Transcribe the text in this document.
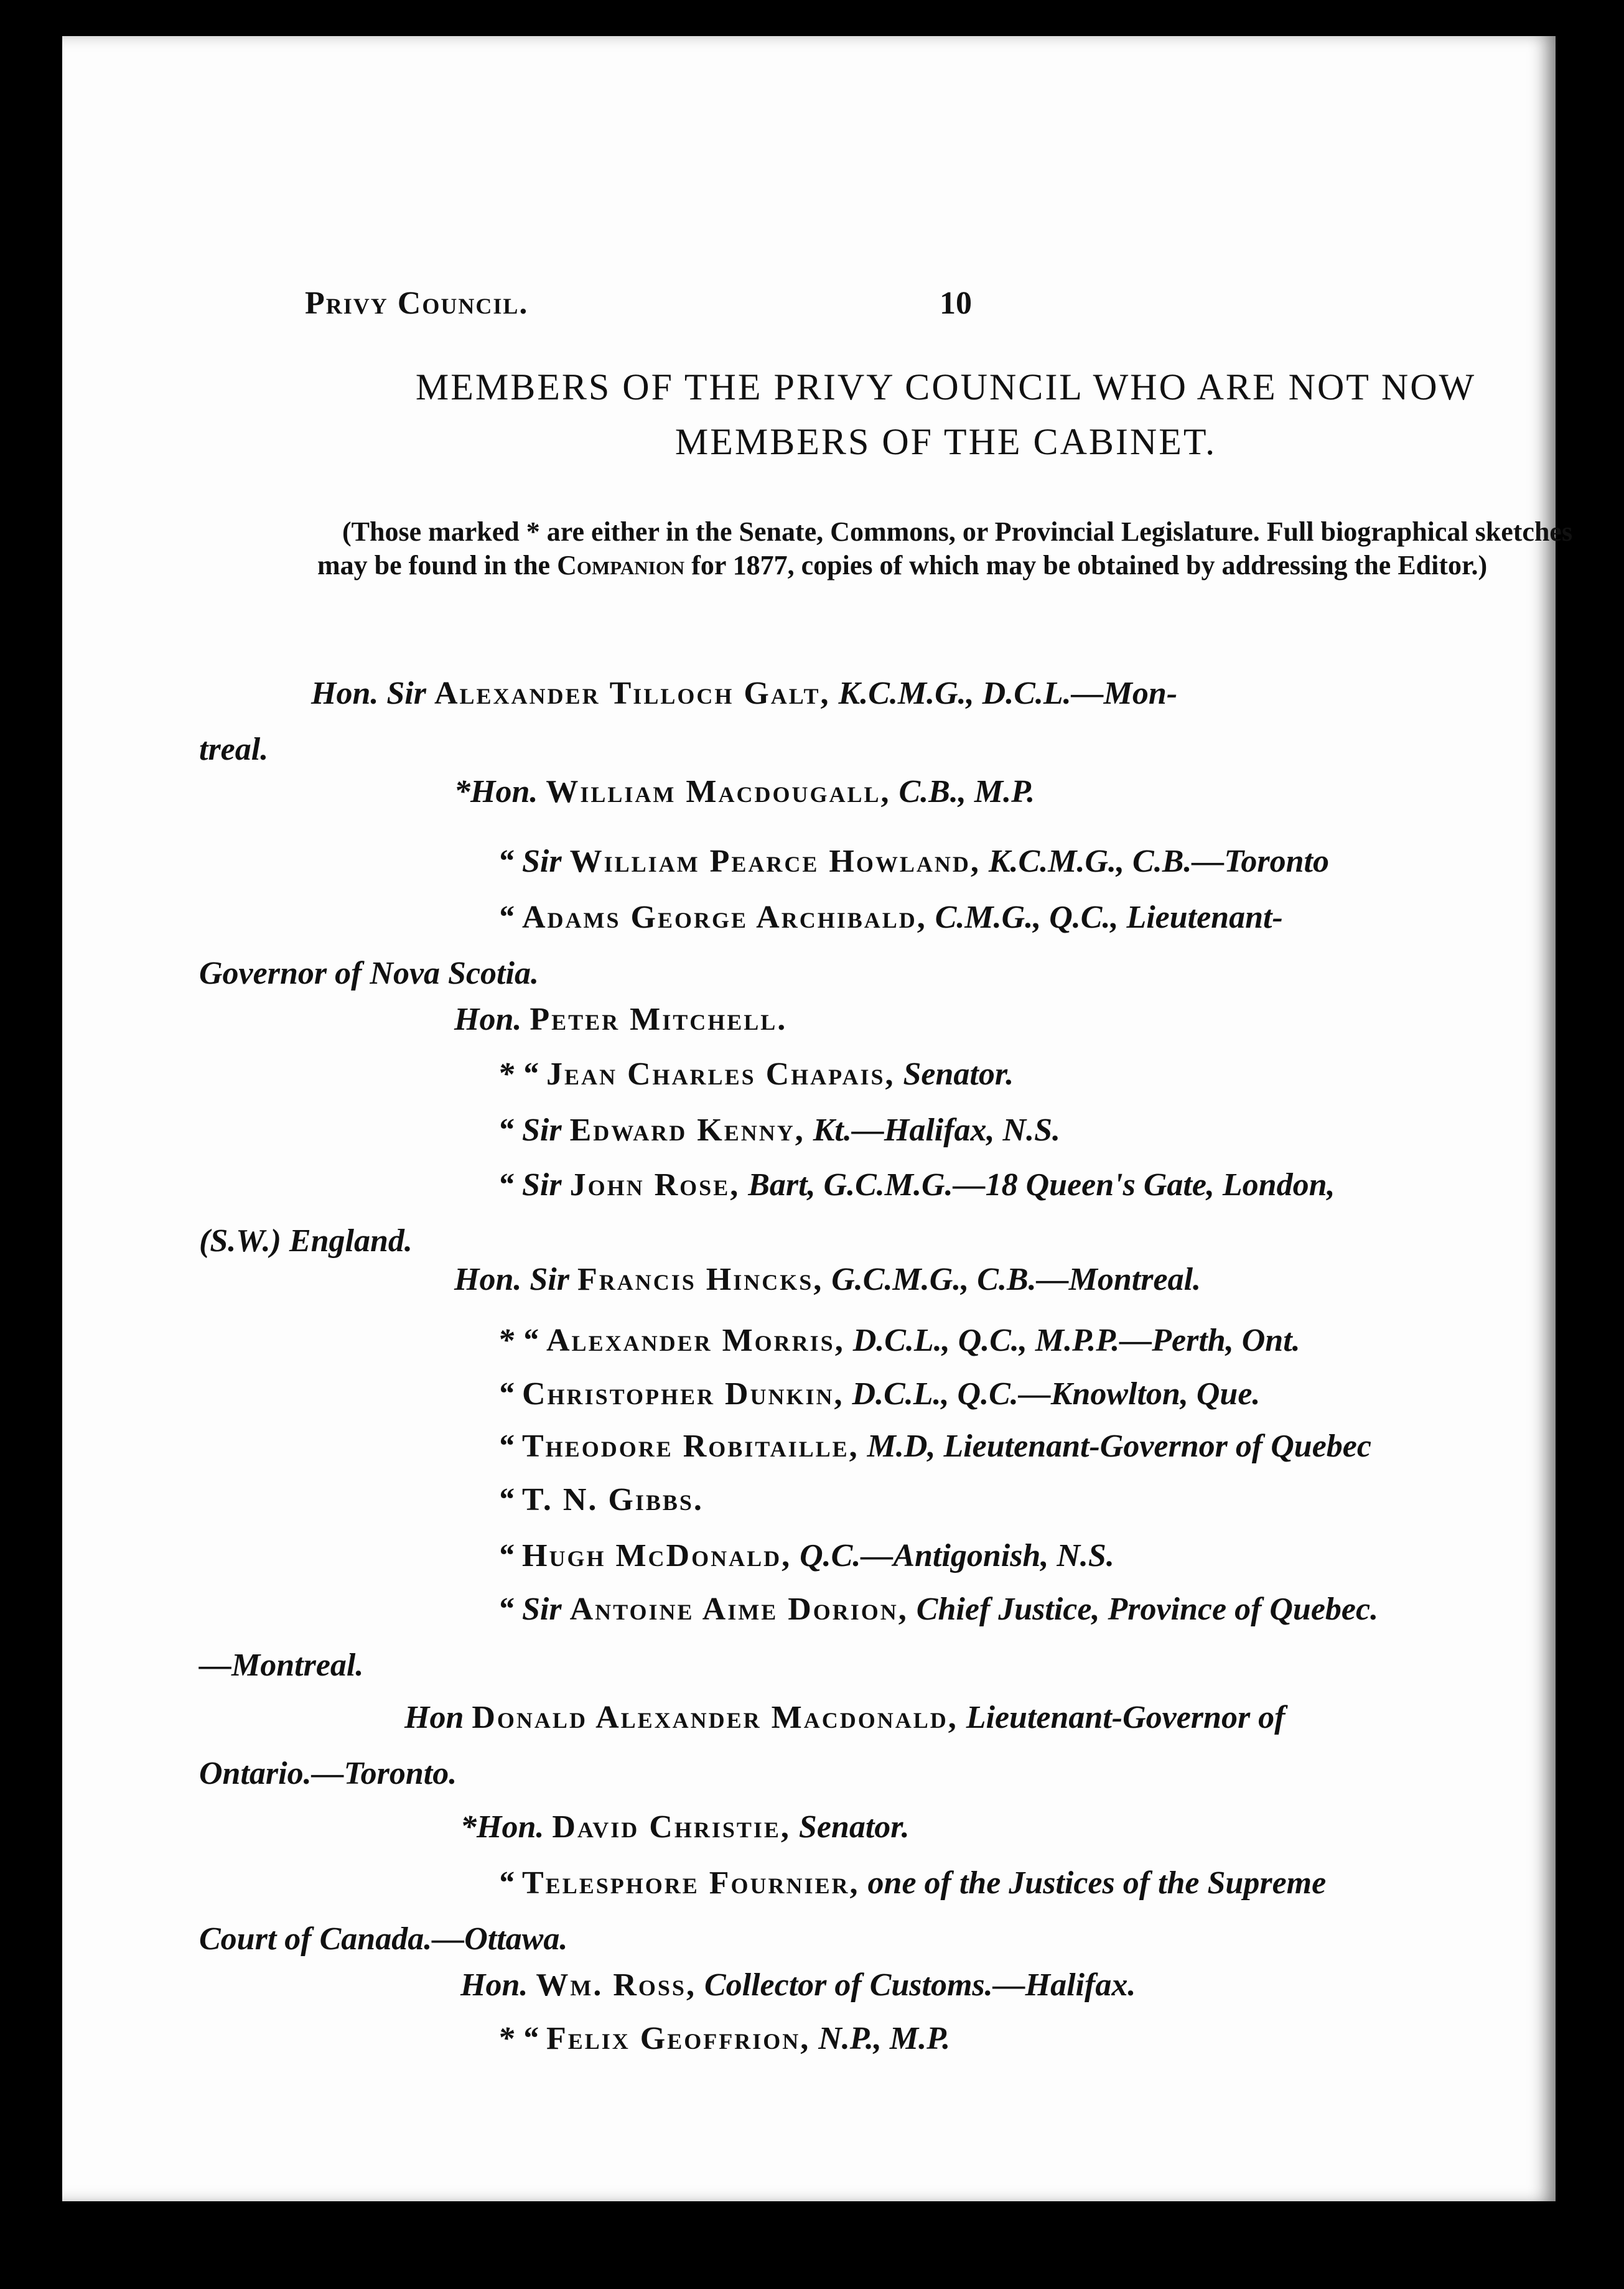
Privy Council.	10
MEMBERS OF THE PRIVY COUNCIL WHO ARE NOT NOW
MEMBERS OF THE CABINET.
(Those marked * are either in the Senate, Commons, or Provincial Legislature. Full biographical sketches may be found in the Companion for 1877, copies of which may be obtained by addressing the Editor.)
Hon. Sir Alexander Tilloch Galt, K.C.M.G., D.C.L.—Mon-
treal.
*Hon. William Macdougall, C.B., M.P.
“ Sir William Pearce Howland, K.C.M.G., C.B.—Toronto
“ Adams George Archibald, C.M.G., Q.C., Lieutenant-
Governor of Nova Scotia.
Hon. Peter Mitchell.
* “ Jean Charles Chapais, Senator.
“ Sir Edward Kenny, Kt.—Halifax, N.S.
“ Sir John Rose, Bart, G.C.M.G.—18 Queen's Gate, London,
(S.W.) England.
Hon. Sir Francis Hincks, G.C.M.G., C.B.—Montreal.
* “ Alexander Morris, D.C.L., Q.C., M.P.P.—Perth, Ont.
“ Christopher Dunkin, D.C.L., Q.C.—Knowlton, Que.
“ Theodore Robitaille, M.D, Lieutenant-Governor of Quebec
“ T. N. Gibbs.
“ Hugh McDonald, Q.C.—Antigonish, N.S.
“ Sir Antoine Aime Dorion, Chief Justice, Province of Quebec.
—Montreal.
Hon Donald Alexander Macdonald, Lieutenant-Governor of
Ontario.—Toronto.
*Hon. David Christie, Senator.
“ Telesphore Fournier, one of the Justices of the Supreme
Court of Canada.—Ottawa.
Hon. Wm. Ross, Collector of Customs.—Halifax.
* “ Felix Geoffrion, N.P., M.P.
